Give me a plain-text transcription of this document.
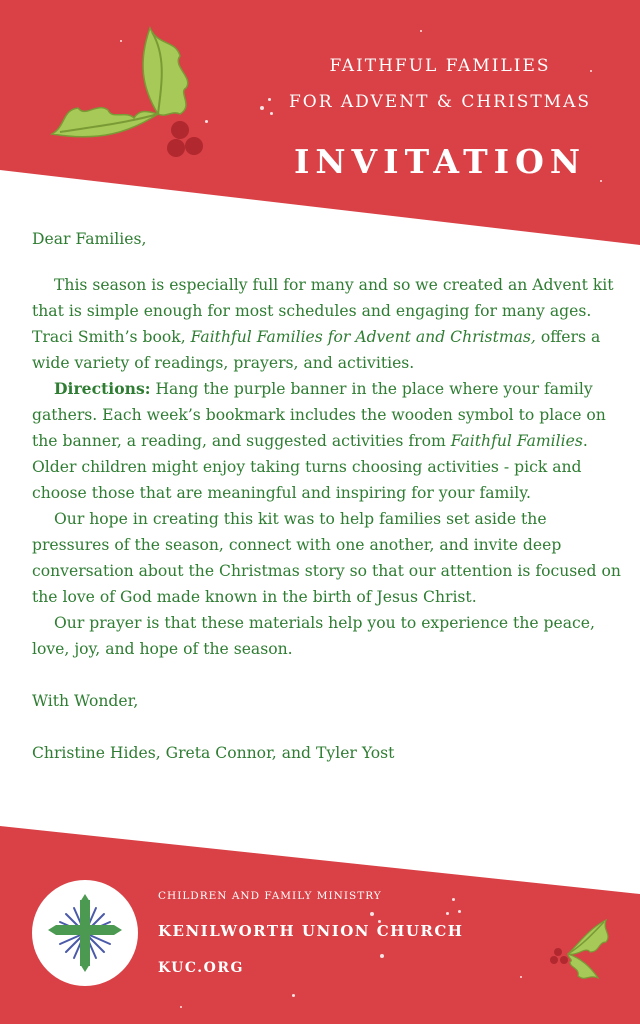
FAITHFUL FAMILIES
FOR ADVENT & CHRISTMAS
INVITATION

Dear Families,

This season is especially full for many and so we created an Advent kit that is simple enough for most schedules and engaging for many ages. Traci Smith’s book, Faithful Families for Advent and Christmas, offers a wide variety of readings, prayers, and activities.

Directions: Hang the purple banner in the place where your family gathers. Each week’s bookmark includes the wooden symbol to place on the banner, a reading, and suggested activities from Faithful Families. Older children might enjoy taking turns choosing activities - pick and choose those that are meaningful and inspiring for your family.

Our hope in creating this kit was to help families set aside the pressures of the season, connect with one another, and invite deep conversation about the Christmas story so that our attention is focused on the love of God made known in the birth of Jesus Christ.

Our prayer is that these materials help you to experience the peace, love, joy, and hope of the season.

With Wonder,

Christine Hides, Greta Connor, and Tyler Yost

CHILDREN AND FAMILY MINISTRY
KENILWORTH UNION CHURCH
KUC.ORG
